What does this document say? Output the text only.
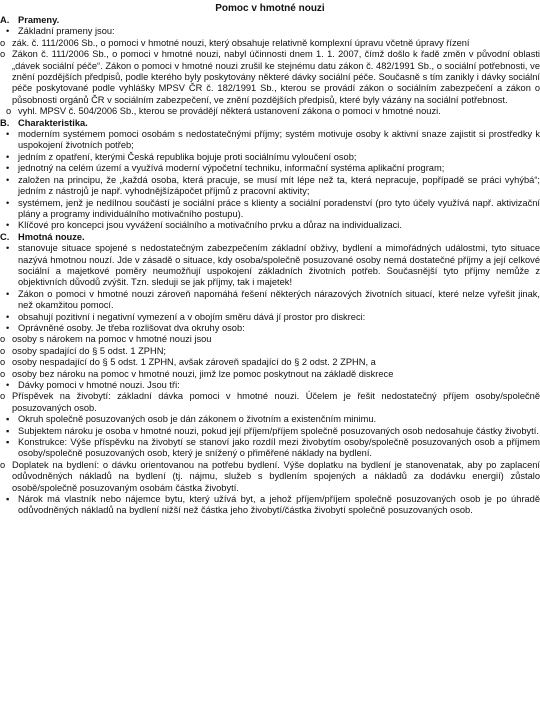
Pomoc v hmotné nouzi
A. Prameny.
• Základní prameny jsou:
o zák. č. 111/2006 Sb., o pomoci v hmotné nouzi, který obsahuje relativně komplexní úpravu včetně úpravy řízení
o Zákon č. 111/2006 Sb., o pomoci v hmotné nouzi, nabyl účinnosti dnem 1. 1. 2007, čímž došlo k řadě změn v původní oblasti „dávek sociální péče“. Zákon o pomoci v hmotné nouzi zrušil ke stejnému datu zákon č. 482/1991 Sb., o sociální potřebnosti, ve znění pozdějších předpisů, podle kterého byly poskytovány některé dávky sociální péče. Současně s tím zanikly i dávky sociální péče poskytované podle vyhlášky MPSV ČR č. 182/1991 Sb., kterou se provádí zákon o sociálním zabezpečení a zákon o působnosti orgánů ČR v sociálním zabezpečení, ve znění pozdějších předpisů, které byly vázány na sociální potřebnost.
o vyhl. MPSV č. 504/2006 Sb., kterou se provádějí některá ustanovení zákona o pomoci v hmotné nouzi.
B. Charakteristika.
• moderním systémem pomoci osobám s nedostatečnými příjmy; systém motivuje osoby k aktivní snaze zajistit si prostředky k uspokojení životních potřeb;
• jedním z opatření, kterými Česká republika bojuje proti sociálnímu vyloučení osob;
• jednotný na celém území a využívá moderní výpočetní techniku, informační systéma aplikační program;
• založen na principu, že „každá osoba, která pracuje, se musí mít lépe než ta, která nepracuje, popřípadě se práci vyhýbá“; jedním z nástrojů je např. vyhodnějšízápočet příjmů z pracovní aktivity;
• systémem, jenž je nedílnou součástí je sociální práce s klienty a sociální poradenství (pro tyto účely využívá např. aktivizační plány a programy individuálního motivačního postupu).
• Klíčové pro koncepci jsou vyvážení sociálního a motivačního prvku a důraz na individualizaci.
C. Hmotná nouze.
• stanovuje situace spojené s nedostatečným zabezpečením základní obživy, bydlení a mimořádných událostmi, tyto situace nazývá hmotnou nouzí. Jde v zásadě o situace, kdy osoba/společně posuzované osoby nemá dostatečné příjmy a její celkové sociální a majetkové poměry neumožňují uspokojení základních životních potřeb. Současnější tyto příjmy nemůže z objektivních důvodů zvýšit. Tzn. sleduji se jak příjmy, tak i majetek!
• Zákon o pomoci v hmotné nouzi zároveň napomáhá řešení některých nárazových životních situací, které nelze vyřešit jinak, než okamžitou pomocí.
• obsahují pozitivní i negativní vymezení a v obojím směru dává jí prostor pro diskreci:
• Oprávněné osoby. Je třeba rozlišovat dva okruhy osob:
o osoby s nárokem na pomoc v hmotné nouzi jsou
o osoby spadající do § 5 odst. 1 ZPHN;
o osoby nespadající do § 5 odst. 1 ZPHN, avšak zároveň spadající do § 2 odst. 2 ZPHN, a
o osoby bez nároku na pomoc v hmotné nouzi, jimž lze pomoc poskytnout na základě diskrece
• Dávky pomoci v hmotné nouzi. Jsou tři:
o Příspěvek na živobytí: základní dávka pomoci v hmotné nouzi. Účelem je řešit nedostatečný příjem osoby/společně posuzovaných osob.
▪ Okruh společně posuzovaných osob je dán zákonem o životním a existenčním minimu.
▪ Subjektem nároku je osoba v hmotné nouzi, pokud její příjem/příjem společně posuzovaných osob nedosahuje částky živobytí.
▪ Konstrukce: Výše příspěvku na živobytí se stanoví jako rozdíl mezi živobytím osoby/společně posuzovaných osob a příjmem osoby/společně posuzovaných osob, který je snížený o přiměřené náklady na bydlení.
o Doplatek na bydlení: o dávku orientovanou na potřebu bydlení. Výše doplatku na bydlení je stanovenatak, aby po zaplacení odůvodněných nákladů na bydlení (tj. nájmu, služeb s bydlením spojených a nákladů za dodávku energií) zůstalo osobě/společně posuzovaným osobám částka živobytí.
▪ Nárok má vlastník nebo nájemce bytu, který užívá byt, a jehož příjem/příjem společně posuzovaných osob je po úhradě odůvodněných nákladů na bydlení nižší než částka jeho živobytí/částka živobytí společně posuzovaných osob.
